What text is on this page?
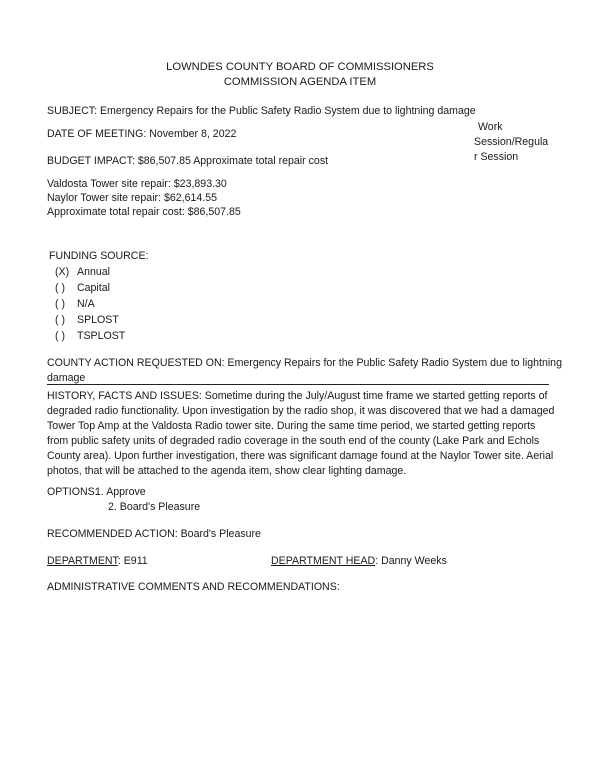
LOWNDES COUNTY BOARD OF COMMISSIONERS
COMMISSION AGENDA ITEM
SUBJECT: Emergency Repairs for the Public Safety Radio System due to lightning damage
DATE OF MEETING: November 8, 2022
Work
Session/Regula
r Session
BUDGET IMPACT: $86,507.85 Approximate total repair cost
Valdosta Tower site repair: $23,893.30
Naylor Tower site repair: $62,614.55
Approximate total repair cost: $86,507.85
FUNDING SOURCE:
(X) Annual
( ) Capital
( ) N/A
( ) SPLOST
( ) TSPLOST
COUNTY ACTION REQUESTED ON: Emergency Repairs for the Public Safety Radio System due to lightning
damage
HISTORY, FACTS AND ISSUES: Sometime during the July/August time frame we started getting reports of
degraded radio functionality. Upon investigation by the radio shop, it was discovered that we had a damaged
Tower Top Amp at the Valdosta Radio tower site. During the same time period, we started getting reports
from public safety units of degraded radio coverage in the south end of the county (Lake Park and Echols
County area). Upon further investigation, there was significant damage found at the Naylor Tower site. Aerial
photos, that will be attached to the agenda item, show clear lighting damage.
OPTIONS:
1. Approve
2. Board's Pleasure
RECOMMENDED ACTION: Board's Pleasure
DEPARTMENT: E911	DEPARTMENT HEAD: Danny Weeks
ADMINISTRATIVE COMMENTS AND RECOMMENDATIONS:
